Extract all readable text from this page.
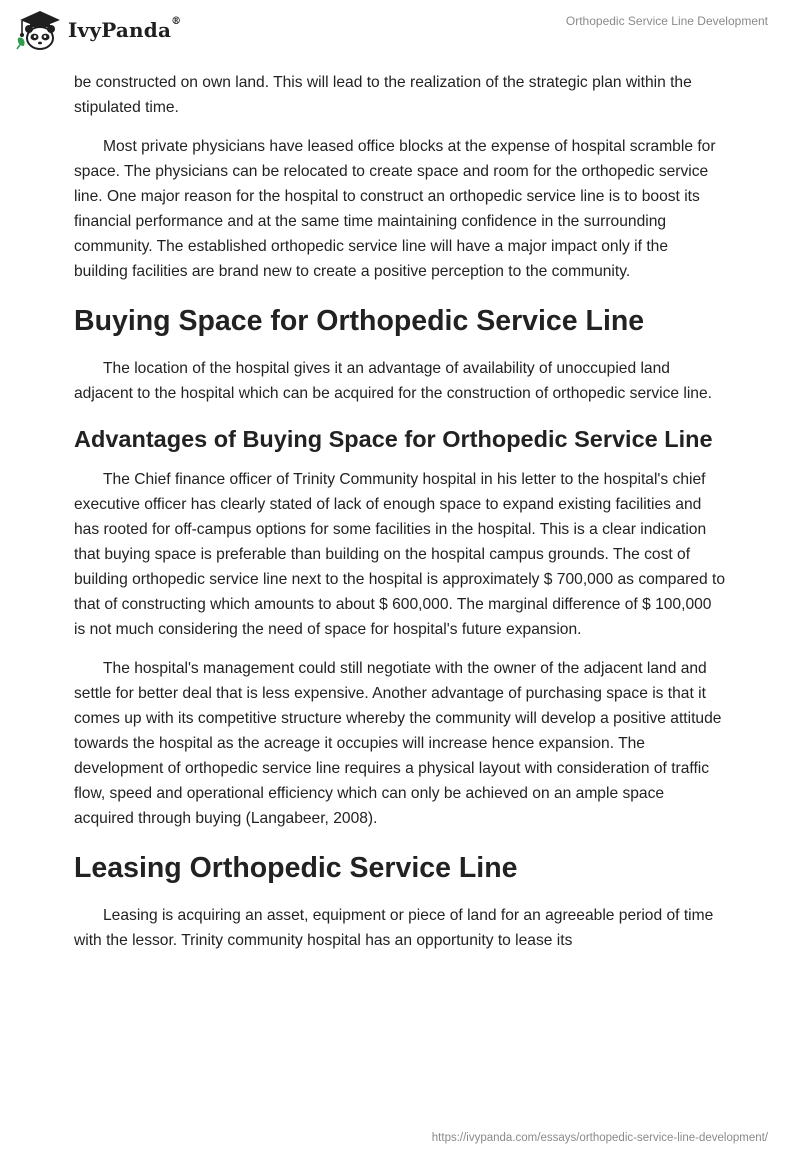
IvyPanda®	Orthopedic Service Line Development

be constructed on own land. This will lead to the realization of the strategic plan within the stipulated time.

Most private physicians have leased office blocks at the expense of hospital scramble for space. The physicians can be relocated to create space and room for the orthopedic service line. One major reason for the hospital to construct an orthopedic service line is to boost its financial performance and at the same time maintaining confidence in the surrounding community. The established orthopedic service line will have a major impact only if the building facilities are brand new to create a positive perception to the community.

Buying Space for Orthopedic Service Line

The location of the hospital gives it an advantage of availability of unoccupied land adjacent to the hospital which can be acquired for the construction of orthopedic service line.

Advantages of Buying Space for Orthopedic Service Line

The Chief finance officer of Trinity Community hospital in his letter to the hospital's chief executive officer has clearly stated of lack of enough space to expand existing facilities and has rooted for off-campus options for some facilities in the hospital. This is a clear indication that buying space is preferable than building on the hospital campus grounds. The cost of building orthopedic service line next to the hospital is approximately $ 700,000 as compared to that of constructing which amounts to about $ 600,000. The marginal difference of $ 100,000 is not much considering the need of space for hospital's future expansion.

The hospital's management could still negotiate with the owner of the adjacent land and settle for better deal that is less expensive. Another advantage of purchasing space is that it comes up with its competitive structure whereby the community will develop a positive attitude towards the hospital as the acreage it occupies will increase hence expansion. The development of orthopedic service line requires a physical layout with consideration of traffic flow, speed and operational efficiency which can only be achieved on an ample space acquired through buying (Langabeer, 2008).

Leasing Orthopedic Service Line

Leasing is acquiring an asset, equipment or piece of land for an agreeable period of time with the lessor. Trinity community hospital has an opportunity to lease its

https://ivypanda.com/essays/orthopedic-service-line-development/
